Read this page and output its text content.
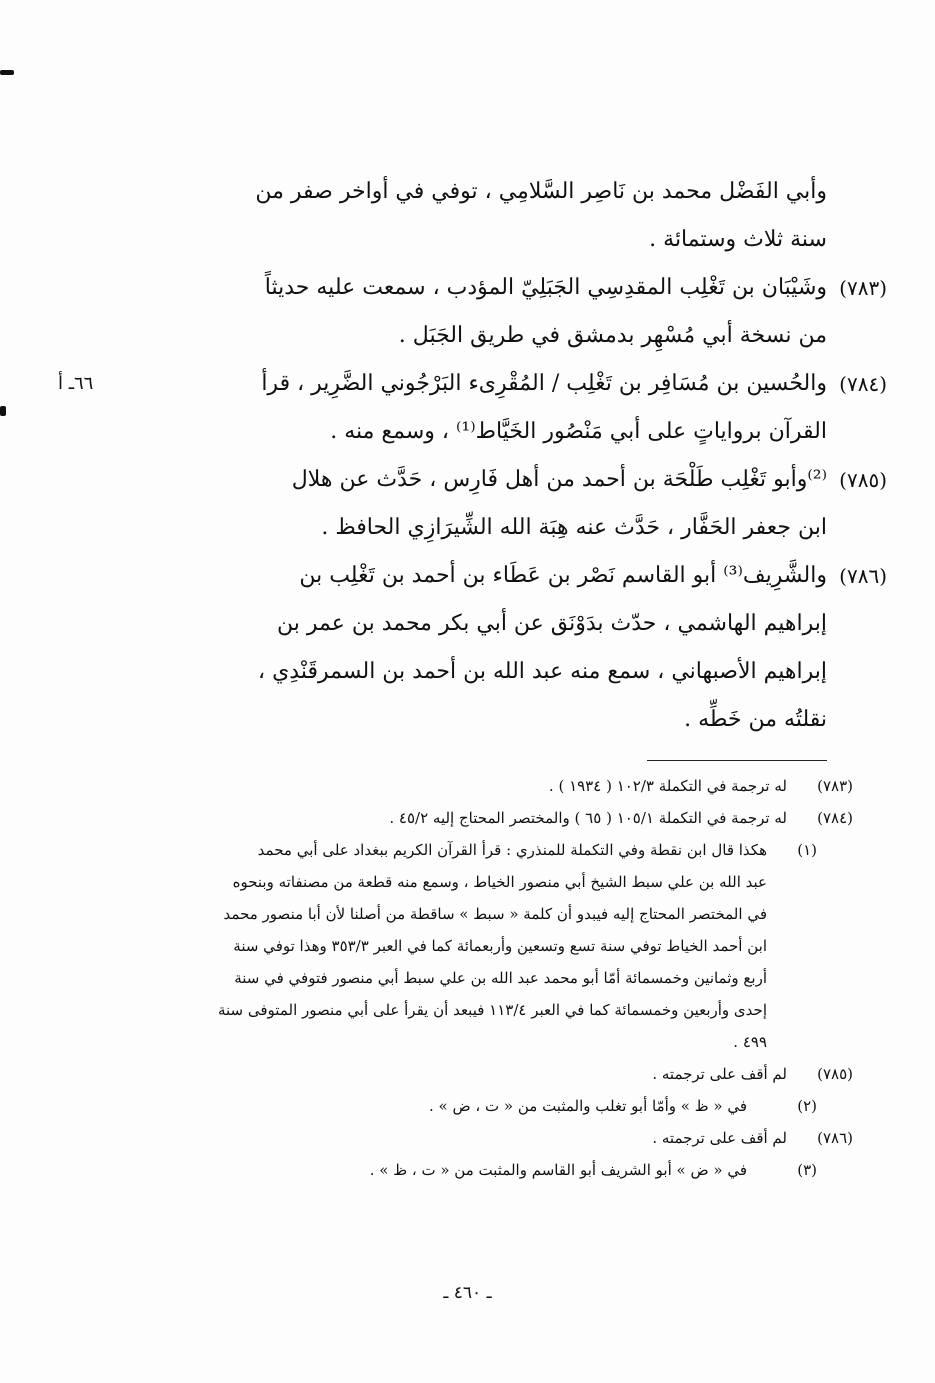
وأبي الفَضْل محمد بن نَاصِر السَّلامِي ، توفي في أواخر صفر من
سنة ثلاث وستمائة .
(٧٨٣)
وشَيْبَان بن تَغْلِب المقدِسِي الجَبَلِيّ المؤدب ، سمعت عليه حديثاً
من نسخة أبي مُسْهِر بدمشق في طريق الجَبَل .
(٧٨٤)
والحُسين بن مُسَافِر بن تَغْلِب / المُقْرِىء البَرْجُوني الضَّرِير ، قرأ
٦٦ـ أ
القرآن برواياتٍ على أبي مَنْصُور الخَيَّاط⁽¹⁾ ، وسمع منه .
(٧٨٥)
⁽²⁾وأبو تَغْلِب طَلْحَة بن أحمد من أهل فَارِس ، حَدَّث عن هلال
ابن جعفر الحَفَّار ، حَدَّث عنه هِبَة الله الشِّيرَازِي الحافظ .
(٧٨٦)
والشَّرِيف⁽³⁾ أبو القاسم نَصْر بن عَطَاء بن أحمد بن تَغْلِب بن
إبراهيم الهاشمي ، حدّث بدَوْنَق عن أبي بكر محمد بن عمر بن
إبراهيم الأصبهاني ، سمع منه عبد الله بن أحمد بن السمرقَنْدِي ،
نقلتُه من خَطِّه .
(٧٨٣)
له ترجمة في التكملة ١٠٢/٣ ( ١٩٣٤ ) .
(٧٨٤)
له ترجمة في التكملة ١٠٥/١ ( ٦٥ ) والمختصر المحتاج إليه ٤٥/٢ .
(١)
هكذا قال ابن نقطة وفي التكملة للمنذري : قرأ القرآن الكريم ببغداد على أبي محمد
عبد الله بن علي سبط الشيخ أبي منصور الخياط ، وسمع منه قطعة من مصنفاته وبنحوه
في المختصر المحتاج إليه فيبدو أن كلمة « سبط » ساقطة من أصلنا لأن أبا منصور محمد
ابن أحمد الخياط توفي سنة تسع وتسعين وأربعمائة كما في العبر ٣٥٣/٣ وهذا توفي سنة
أربع وثمانين وخمسمائة أمّا أبو محمد عبد الله بن علي سبط أبي منصور فتوفي في سنة
إحدى وأربعين وخمسمائة كما في العبر ١١٣/٤ فيبعد أن يقرأ على أبي منصور المتوفى سنة
٤٩٩ .
(٧٨٥)
لم أقف على ترجمته .
(٢)
في « ظ » وأمّا أبو تغلب والمثبت من « ت ، ض » .
(٧٨٦)
لم أقف على ترجمته .
(٣)
في « ض » أبو الشريف أبو القاسم والمثبت من « ت ، ظ » .
ـ ٤٦٠ ـ
